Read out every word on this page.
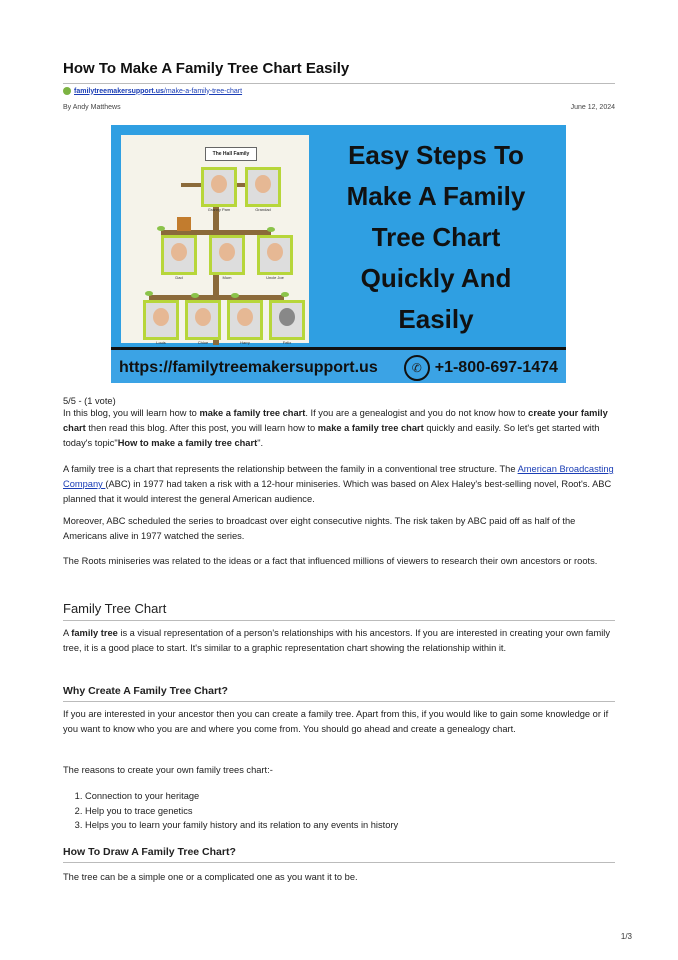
How To Make A Family Tree Chart Easily
familytreemakersupport.us/make-a-family-tree-chart
By Andy Matthews	June 12, 2024
The Hall Family
Granny Pam	Grandad
Dad	Mum	Uncle Joe
Louis	Chloe	Harry	Felix
Easy Steps To
Make A Family
Tree Chart
Quickly And
Easily
https://familytreemakersupport.us	✆ +1-800-697-1474
5/5 - (1 vote)

In this blog, you will learn how to make a family tree chart. If you are a genealogist and you do not know how to create your family chart then read this blog. After this post, you will learn how to make a family tree chart quickly and easily. So let's get started with today's topic"How to make a family tree chart".

A family tree is a chart that represents the relationship between the family in a conventional tree structure. The American Broadcasting Company (ABC) in 1977 had taken a risk with a 12-hour miniseries. Which was based on Alex Haley's best-selling novel, Root's. ABC planned that it would interest the general American audience.

Moreover, ABC scheduled the series to broadcast over eight consecutive nights. The risk taken by ABC paid off as half of the Americans alive in 1977 watched the series.
The Roots miniseries was related to the ideas or a fact that influenced millions of viewers to research their own ancestors or roots.
Family Tree Chart

A family tree is a visual representation of a person's relationships with his ancestors. If you are interested in creating your own family tree, it is a good place to start. It's similar to a graphic representation chart showing the relationship within it.

Why Create A Family Tree Chart?
If you are interested in your ancestor then you can create a family tree. Apart from this, if you would like to gain some knowledge or if you want to know who you are and where you come from. You should go ahead and create a genealogy chart.
The reasons to create your own family trees chart:-
1. Connection to your heritage
2. Help you to trace genetics
3. Helps you to learn your family history and its relation to any events in history
How To Draw A Family Tree Chart?
The tree can be a simple one or a complicated one as you want it to be.
1/3
